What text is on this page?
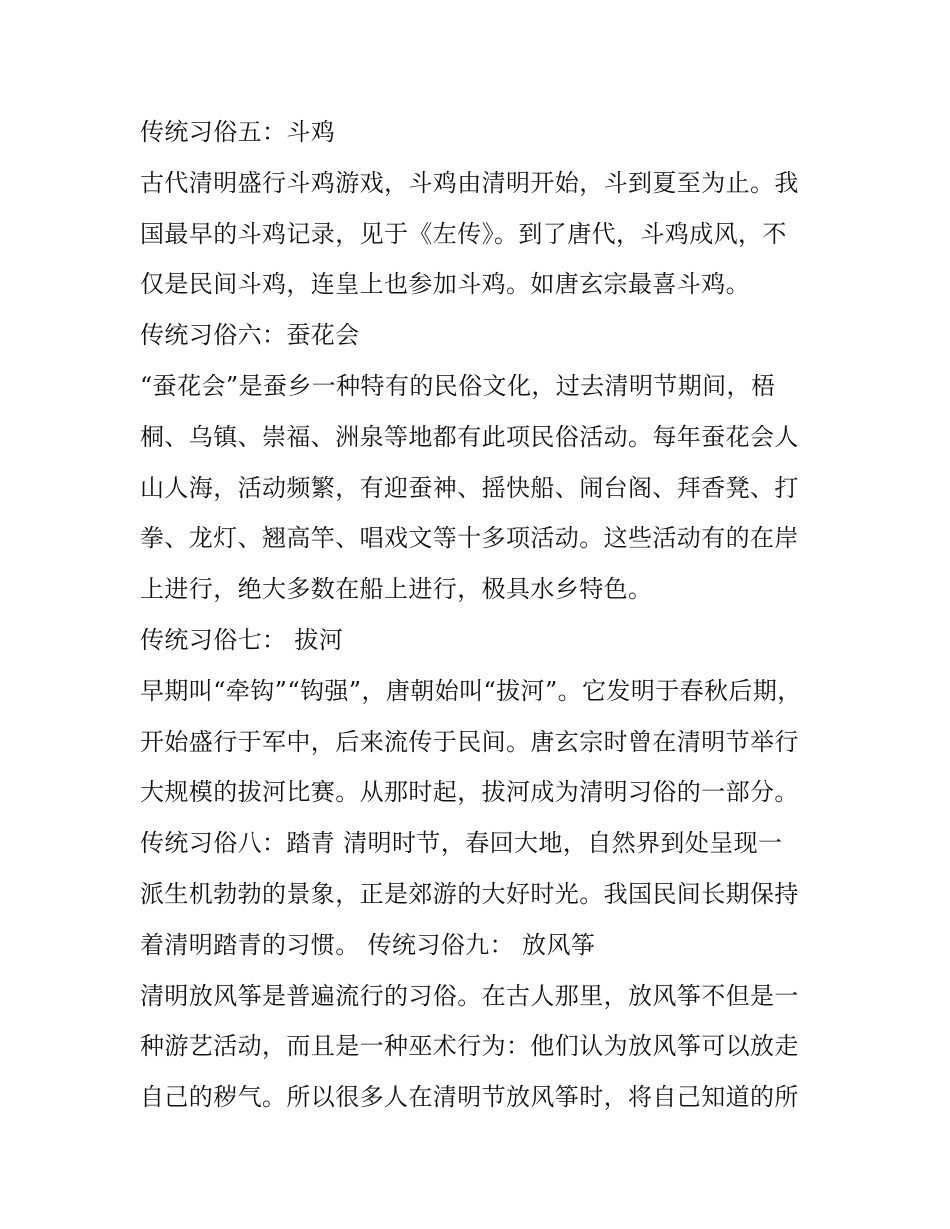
传统习俗五：斗鸡
古代清明盛行斗鸡游戏，斗鸡由清明开始，斗到夏至为止。我
国最早的斗鸡记录，见于《左传》。到了唐代，斗鸡成风，不
仅是民间斗鸡，连皇上也参加斗鸡。如唐玄宗最喜斗鸡。
传统习俗六：蚕花会
“蚕花会”是蚕乡一种特有的民俗文化，过去清明节期间，梧
桐、乌镇、崇福、洲泉等地都有此项民俗活动。每年蚕花会人
山人海，活动频繁，有迎蚕神、摇快船、闹台阁、拜香凳、打
拳、龙灯、翘高竿、唱戏文等十多项活动。这些活动有的在岸
上进行，绝大多数在船上进行，极具水乡特色。
传统习俗七： 拔河
早期叫“牵钩”“钩强”，唐朝始叫“拔河”。它发明于春秋后期，
开始盛行于军中，后来流传于民间。唐玄宗时曾在清明节举行
大规模的拔河比赛。从那时起，拔河成为清明习俗的一部分。
传统习俗八：踏青 清明时节，春回大地，自然界到处呈现一
派生机勃勃的景象，正是郊游的大好时光。我国民间长期保持
着清明踏青的习惯。 传统习俗九： 放风筝
清明放风筝是普遍流行的习俗。在古人那里，放风筝不但是一
种游艺活动，而且是一种巫术行为：他们认为放风筝可以放走
自己的秽气。所以很多人在清明节放风筝时，将自己知道的所
